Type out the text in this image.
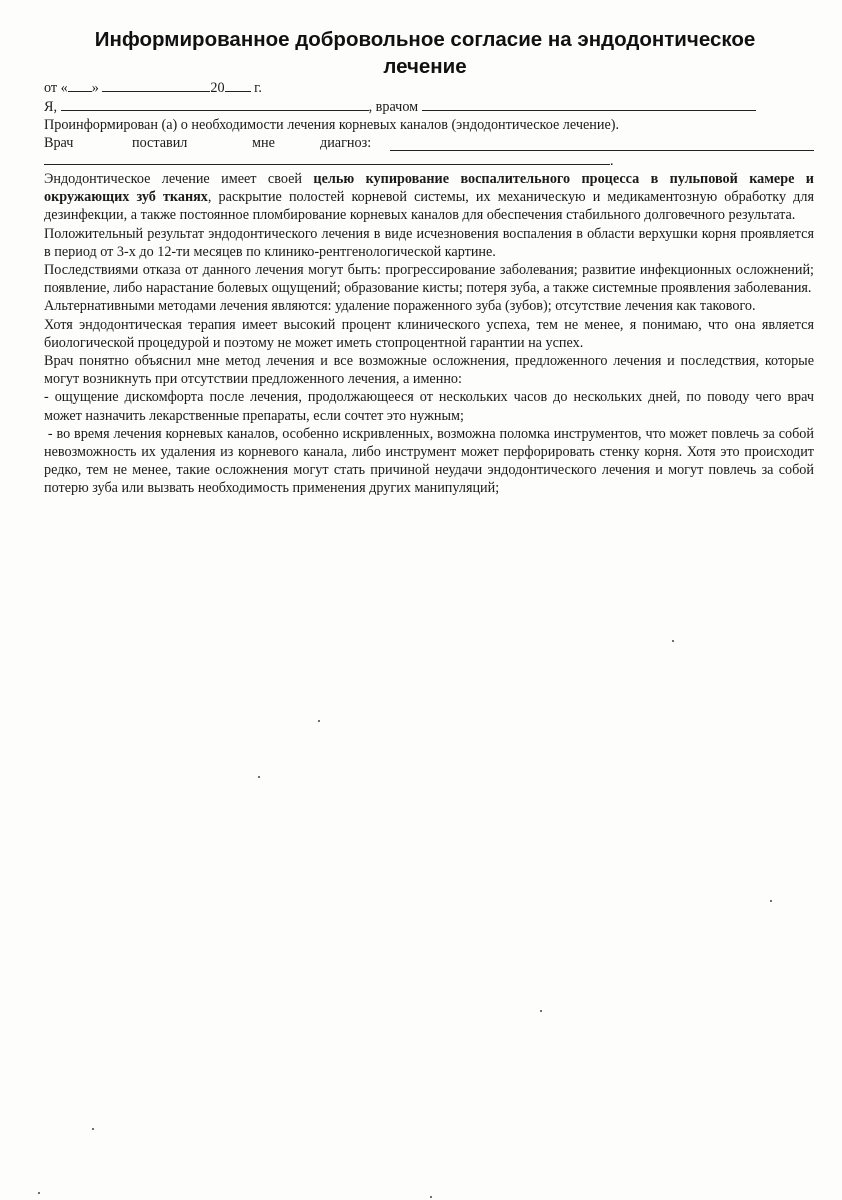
Информированное добровольное согласие на эндодонтическое лечение
от « »	20 г.
Я,	, врачом
Проинформирован (а) о необходимости лечения корневых каналов (эндодонтическое лечение).
Врач	поставил	мне	диагноз:
.

Эндодонтическое лечение имеет своей целью купирование воспалительного процесса в пульповой камере и окружающих зуб тканях, раскрытие полостей корневой системы, их механическую и медикаментозную обработку для дезинфекции, а также постоянное пломбирование корневых каналов для обеспечения стабильного долговечного результата.

Положительный результат эндодонтического лечения в виде исчезновения воспаления в области верхушки корня проявляется в период от 3-х до 12-ти месяцев по клинико-рентгенологической картине.

Последствиями отказа от данного лечения могут быть: прогрессирование заболевания; развитие инфекционных осложнений; появление, либо нарастание болевых ощущений; образование кисты; потеря зуба, а также системные проявления заболевания.

Альтернативными методами лечения являются: удаление пораженного зуба (зубов); отсутствие лечения как такового.

Хотя эндодонтическая терапия имеет высокий процент клинического успеха, тем не менее, я понимаю, что она является биологической процедурой и поэтому не может иметь стопроцентной гарантии на успех.

Врач понятно объяснил мне метод лечения и все возможные осложнения, предложенного лечения и последствия, которые могут возникнуть при отсутствии предложенного лечения, а именно:

- ощущение дискомфорта после лечения, продолжающееся от нескольких часов до нескольких дней, по поводу чего врач может назначить лекарственные препараты, если сочтет это нужным;

- во время лечения корневых каналов, особенно искривленных, возможна поломка инструментов, что может повлечь за собой невозможность их удаления из корневого канала, либо инструмент может перфорировать стенку корня. Хотя это происходит редко, тем не менее, такие осложнения могут стать причиной неудачи эндодонтического лечения и могут повлечь за собой потерю зуба или вызвать необходимость применения других манипуляций;
